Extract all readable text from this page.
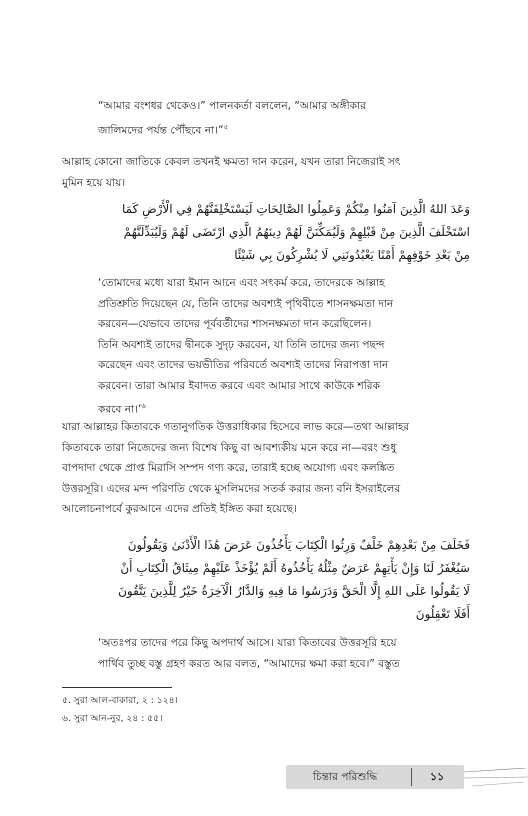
“আমার বংশধর থেকেও।” পালনকর্তা বললেন, “আমার অঙ্গীকার
জালিমদের পর্যন্ত পৌঁছবে না।”$^৫$
আল্লাহ কোনো জাতিকে কেবল তখনই ক্ষমতা দান করেন, যখন তারা নিজেরাই সৎ
মুমিন হয়ে যায়।
وَعَدَ اللهُ الَّذِينَ آمَنُوا مِنْكُمْ وَعَمِلُوا الصَّالِحَاتِ لَيَسْتَخْلِفَنَّهُمْ فِي الْأَرْضِ كَمَا
اسْتَخْلَفَ الَّذِينَ مِنْ قَبْلِهِمْ وَلَيُمَكِّنَنَّ لَهُمْ دِينَهُمُ الَّذِي ارْتَضَى لَهُمْ وَلَيُبَدِّلَنَّهُمْ
مِنْ بَعْدِ خَوْفِهِمْ أَمْنًا يَعْبُدُونَنِي لَا يُشْرِكُونَ بِي شَيْئًا
‘তোমাদের মধ্যে যারা ইমান আনে এবং সৎকর্ম করে, তাদেরকে আল্লাহ
প্রতিশ্রুতি দিয়েছেন যে, তিনি তাদের অবশ্যই পৃথিবীতে শাসনক্ষমতা দান
করবেন—যেভাবে তাদের পূর্ববর্তীদের শাসনক্ষমতা দান করেছিলেন।
তিনি অবশ্যই তাদের দ্বীনকে সুদৃঢ় করবেন, যা তিনি তাদের জন্য পছন্দ
করেছেন এবং তাদের ভয়ভীতির পরিবর্তে অবশ্যই তাদের নিরাপত্তা দান
করবেন। তারা আমার ইবাদত করবে এবং আমার সাথে কাউকে শরিক
করবে না।’$^৬$
যারা আল্লাহর কিতাবকে গতানুগতিক উত্তরাধিকার হিসেবে লাভ করে—তথা আল্লাহর
কিতাবকে তারা নিজেদের জন্য বিশেষ কিছু বা আবশ্যকীয় মনে করে না—বরং শুধু
বাপদাদা থেকে প্রাপ্ত মিরাসি সম্পদ গণ্য করে, তারাই হচ্ছে অযোগ্য এবং কলঙ্কিত
উত্তরসূরি। এদের মন্দ পরিণতি থেকে মুসলিমদের সতর্ক করার জন্য বনি ইসরাইলের
আলোচনাপর্বে কুরআনে এদের প্রতিই ইঙ্গিত করা হয়েছে।
فَخَلَفَ مِنْ بَعْدِهِمْ خَلْفٌ وَرِثُوا الْكِتَابَ يَأْخُذُونَ عَرَضَ هَٰذَا الْأَدْنَىٰ وَيَقُولُونَ
سَيُغْفَرُ لَنَا وَإِنْ يَأْتِهِمْ عَرَضٌ مِثْلُهُ يَأْخُذُوهُ أَلَمْ يُؤْخَذْ عَلَيْهِمْ مِيثَاقُ الْكِتَابِ أَنْ
لَا يَقُولُوا عَلَى اللهِ إِلَّا الْحَقَّ وَدَرَسُوا مَا فِيهِ وَالدَّارُ الْآخِرَةُ خَيْرٌ لِلَّذِينَ يَتَّقُونَ
أَفَلَا تَعْقِلُونَ
‘অতঃপর তাদের পরে কিছু অপদার্থ আসে। যারা কিতাবের উত্তরসূরি হয়ে
পার্থিব তুচ্ছ বস্তু গ্রহণ করত আর বলত, “আমাদের ক্ষমা করা হবে।” বস্তুত
৫. সুরা আল-বাকারা, ২ : ১২৪।
৬. সুরা আন-নুর, ২৪ : ৫৫।
চিন্তার পরিশুদ্ধি	১১
